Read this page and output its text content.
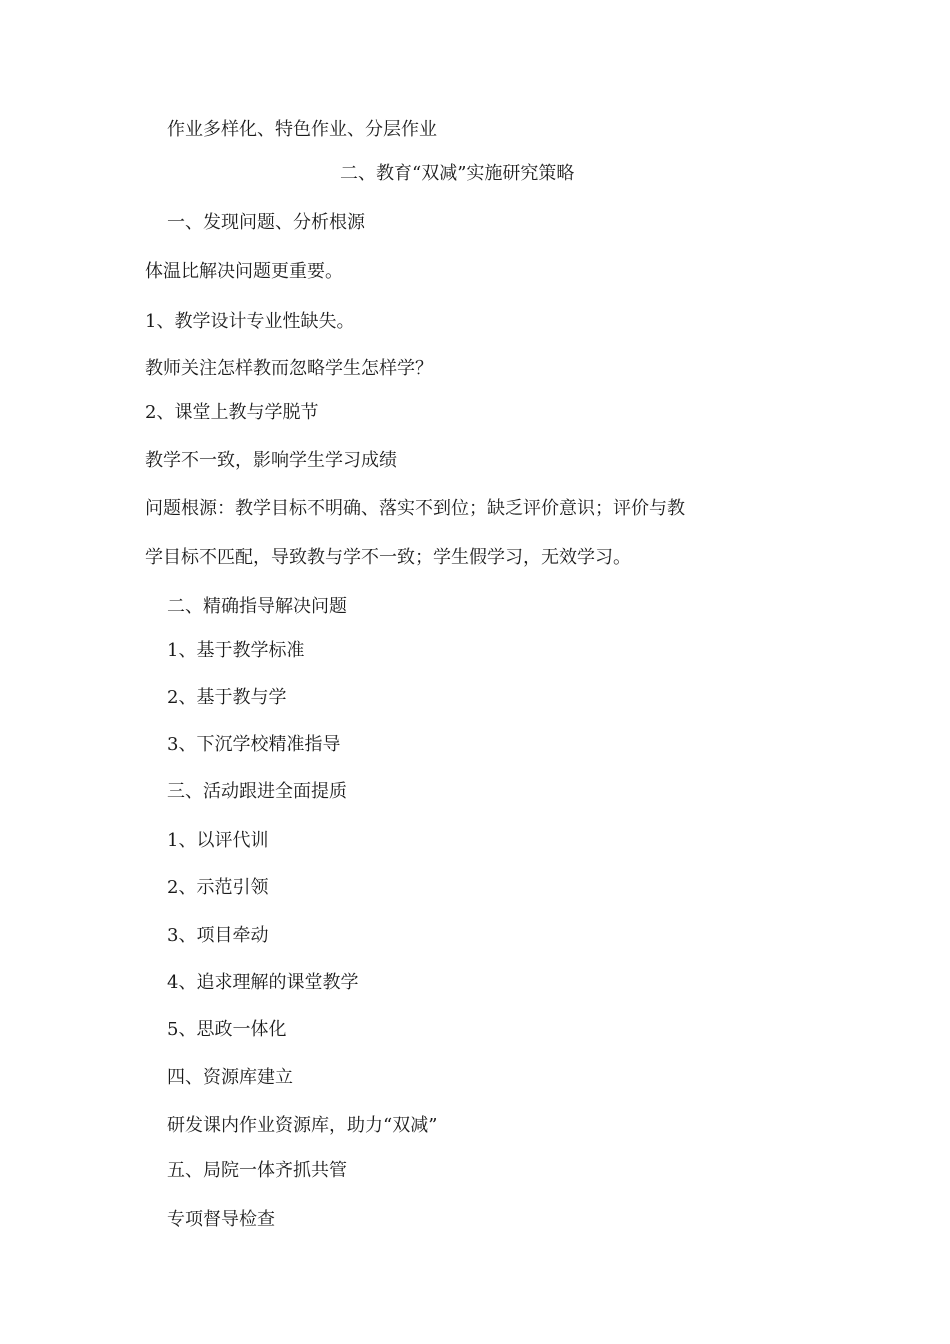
作业多样化、特色作业、分层作业
二、教育“双减”实施研究策略
一、发现问题、分析根源
体温比解决问题更重要。
1、教学设计专业性缺失。
教师关注怎样教而忽略学生怎样学？
2、课堂上教与学脱节
教学不一致，影响学生学习成绩
问题根源：教学目标不明确、落实不到位；缺乏评价意识；评价与教
学目标不匹配，导致教与学不一致；学生假学习，无效学习。
二、精确指导解决问题
1、基于教学标准
2、基于教与学
3、下沉学校精准指导
三、活动跟进全面提质
1、以评代训
2、示范引领
3、项目牵动
4、追求理解的课堂教学
5、思政一体化
四、资源库建立
研发课内作业资源库，助力“双减”
五、局院一体齐抓共管
专项督导检查
